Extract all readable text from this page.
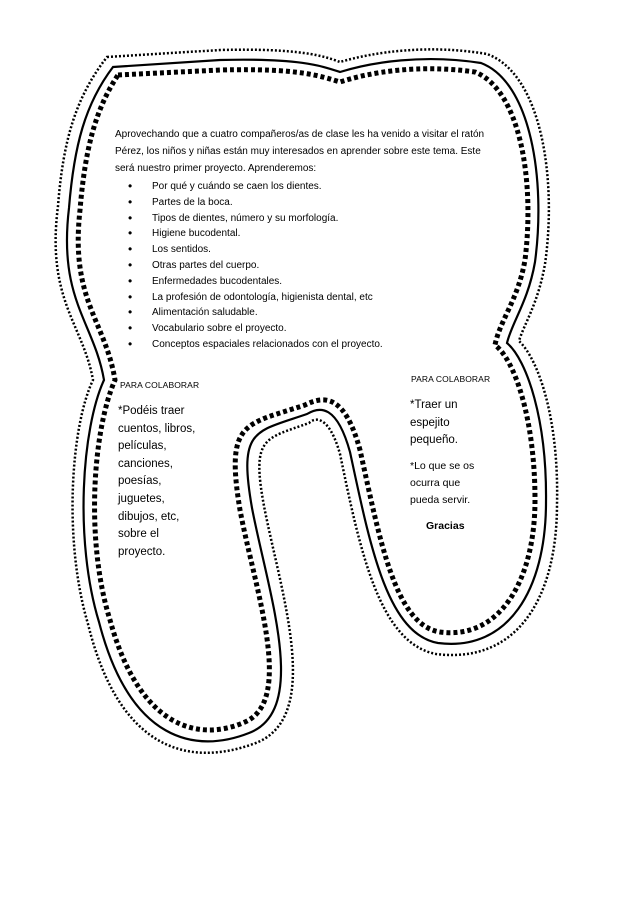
Aprovechando que a cuatro compañeros/as de clase les ha venido a visitar el ratón Pérez, los niños y niñas están muy interesados en aprender sobre este tema. Este será nuestro primer proyecto. Aprenderemos:
• Por qué y cuándo se caen los dientes.
• Partes de la boca.
• Tipos de dientes, número y su morfología.
• Higiene bucodental.
• Los sentidos.
• Otras partes del cuerpo.
• Enfermedades bucodentales.
• La profesión de odontología, higienista dental, etc
• Alimentación saludable.
• Vocabulario sobre el proyecto.
• Conceptos espaciales relacionados con el proyecto.
PARA COLABORAR
*Podéis traer cuentos, libros, películas, canciones, poesías, juguetes, dibujos, etc, sobre el proyecto.
PARA COLABORAR

*Traer un espejito pequeño.

*Lo que se os ocurra que pueda servir.

Gracias
